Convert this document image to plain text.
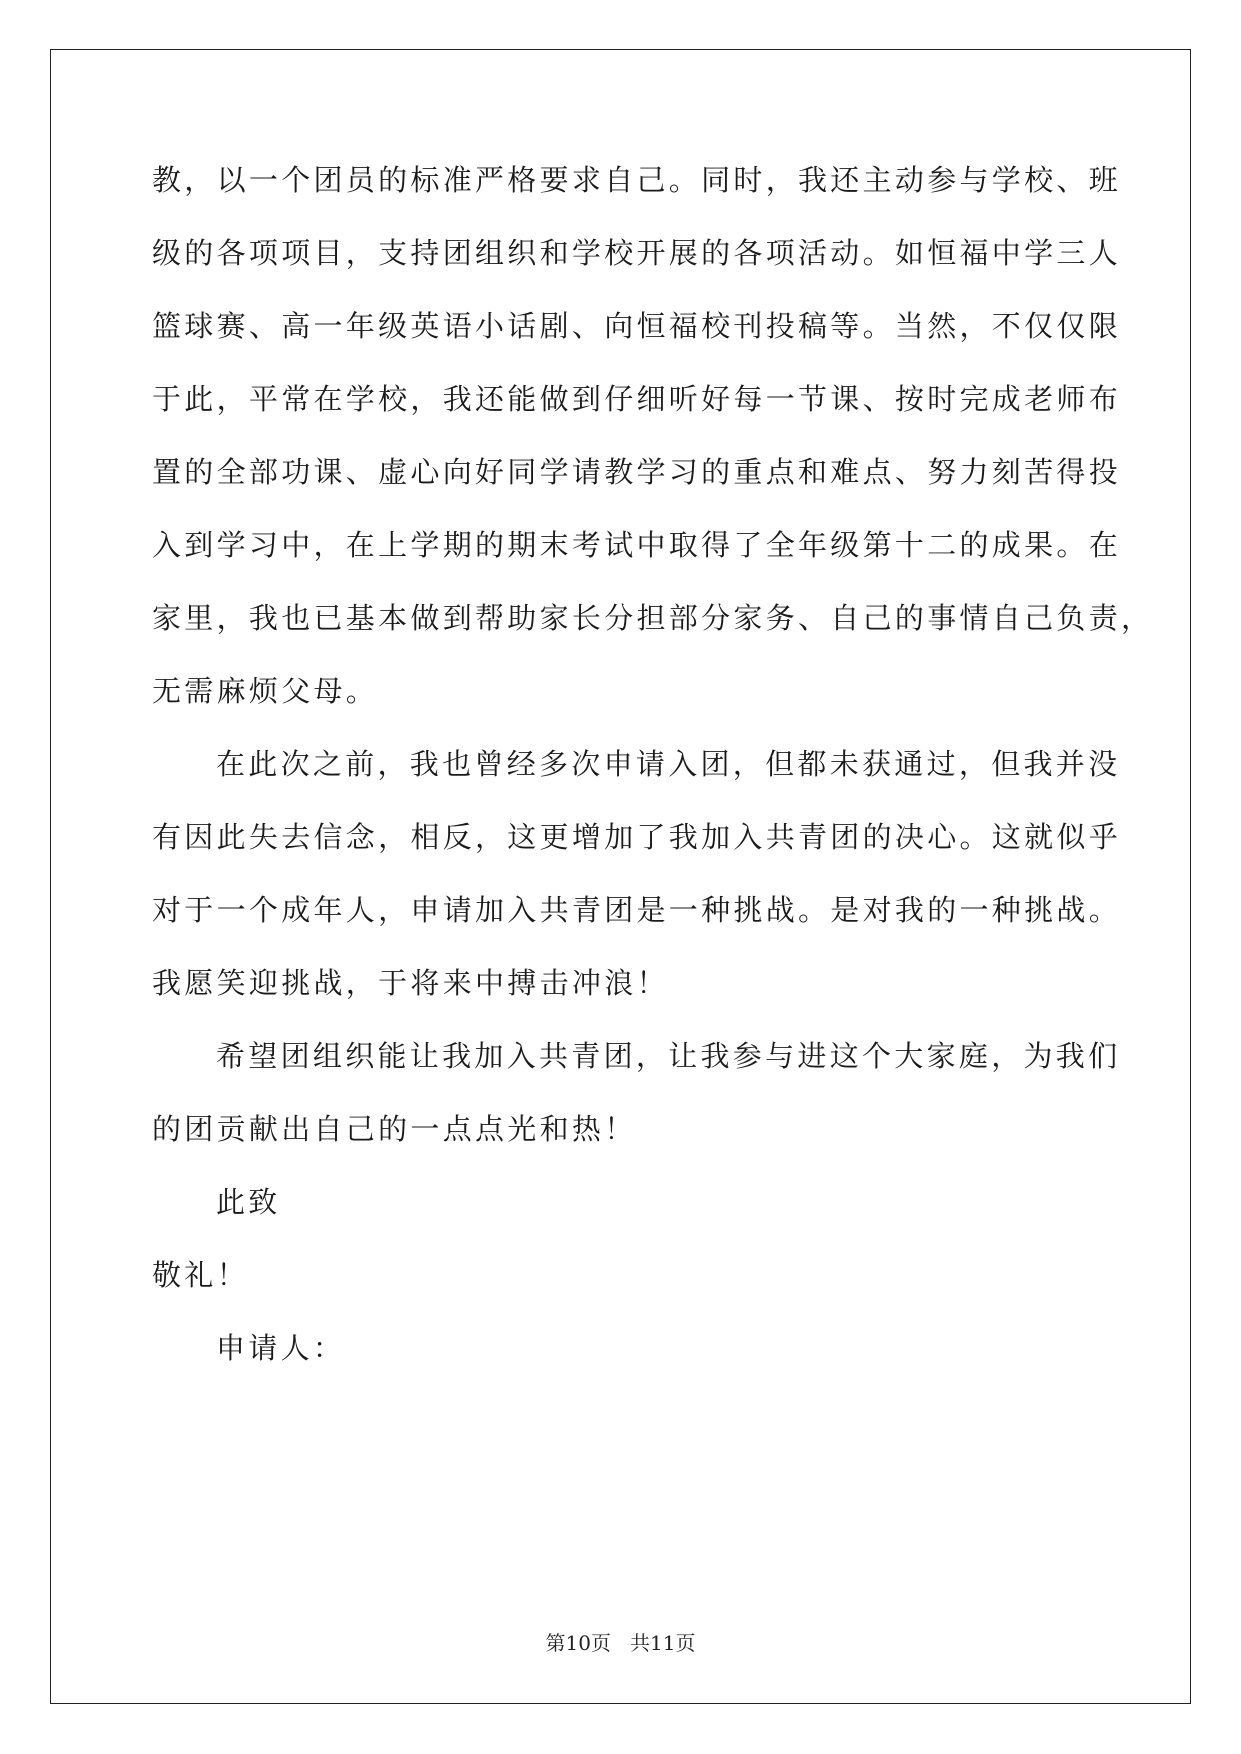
教，以一个团员的标准严格要求自己。同时，我还主动参与学校、班
级的各项项目，支持团组织和学校开展的各项活动。如恒福中学三人
篮球赛、高一年级英语小话剧、向恒福校刊投稿等。当然，不仅仅限
于此，平常在学校，我还能做到仔细听好每一节课、按时完成老师布
置的全部功课、虚心向好同学请教学习的重点和难点、努力刻苦得投
入到学习中，在上学期的期末考试中取得了全年级第十二的成果。在
家里，我也已基本做到帮助家长分担部分家务、自己的事情自己负责，
无需麻烦父母。
在此次之前，我也曾经多次申请入团，但都未获通过，但我并没
有因此失去信念，相反，这更增加了我加入共青团的决心。这就似乎
对于一个成年人，申请加入共青团是一种挑战。是对我的一种挑战。
我愿笑迎挑战，于将来中搏击冲浪！
希望团组织能让我加入共青团，让我参与进这个大家庭，为我们
的团贡献出自己的一点点光和热！
此致
敬礼！
申请人：
第10页   共11页
